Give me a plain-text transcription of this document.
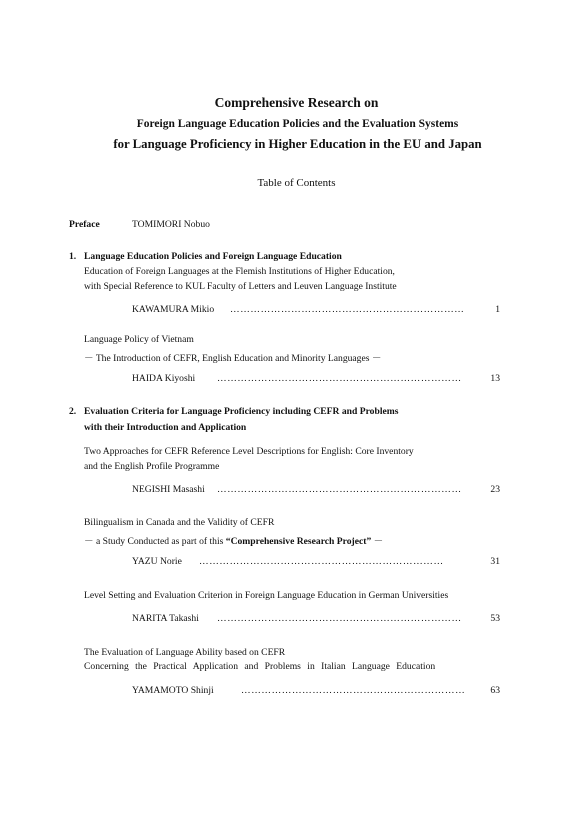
Comprehensive Research on
Foreign Language Education Policies and the Evaluation Systems
for Language Proficiency in Higher Education in the EU and Japan
Table of Contents
Preface	TOMIMORI Nobuo
1. Language Education Policies and Foreign Language Education
Education of Foreign Languages at the Flemish Institutions of Higher Education,
with Special Reference to KUL Faculty of Letters and Leuven Language Institute
KAWAMURA Mikio ……………………………………………………………	1
Language Policy of Vietnam
－ The Introduction of CEFR, English Education and Minority Languages －
HAIDA Kiyoshi ………………………………………………………………	13
2. Evaluation Criteria for Language Proficiency including CEFR and Problems
with their Introduction and Application
Two Approaches for CEFR Reference Level Descriptions for English: Core Inventory
and the English Profile Programme
NEGISHI Masashi ………………………………………………………………	23
Bilingualism in Canada and the Validity of CEFR
－ a Study Conducted as part of this “Comprehensive Research Project” －
YAZU Norie ………………………………………………………………	31
Level Setting and Evaluation Criterion in Foreign Language Education in German Universities
NARITA Takashi ………………………………………………………………	53
The Evaluation of Language Ability based on CEFR
Concerning the Practical Application and Problems in Italian Language Education
YAMAMOTO Shinji	…………………………………………………………	63
